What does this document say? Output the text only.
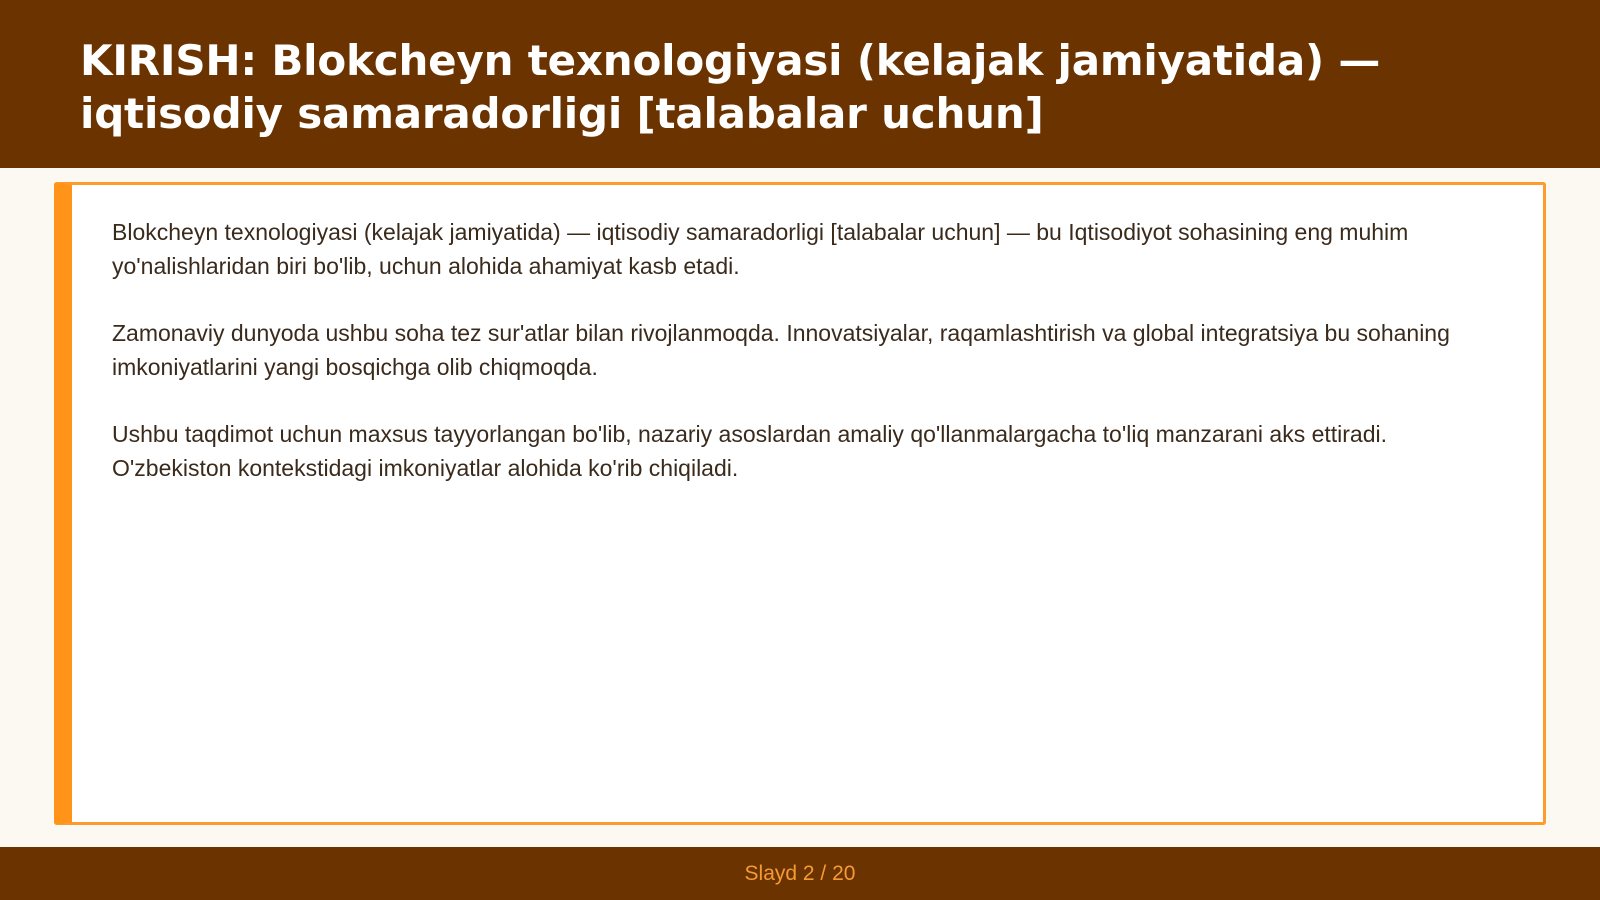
KIRISH: Blokcheyn texnologiyasi (kelajak jamiyatida) — iqtisodiy samaradorligi [talabalar uchun]

Blokcheyn texnologiyasi (kelajak jamiyatida) — iqtisodiy samaradorligi [talabalar uchun] — bu Iqtisodiyot sohasining eng muhim yo'nalishlaridan biri bo'lib, uchun alohida ahamiyat kasb etadi.

Zamonaviy dunyoda ushbu soha tez sur'atlar bilan rivojlanmoqda. Innovatsiyalar, raqamlashtirish va global integratsiya bu sohaning imkoniyatlarini yangi bosqichga olib chiqmoqda.

Ushbu taqdimot uchun maxsus tayyorlangan bo'lib, nazariy asoslardan amaliy qo'llanmalargacha to'liq manzarani aks ettiradi. O'zbekiston kontekstidagi imkoniyatlar alohida ko'rib chiqiladi.

Slayd 2 / 20
